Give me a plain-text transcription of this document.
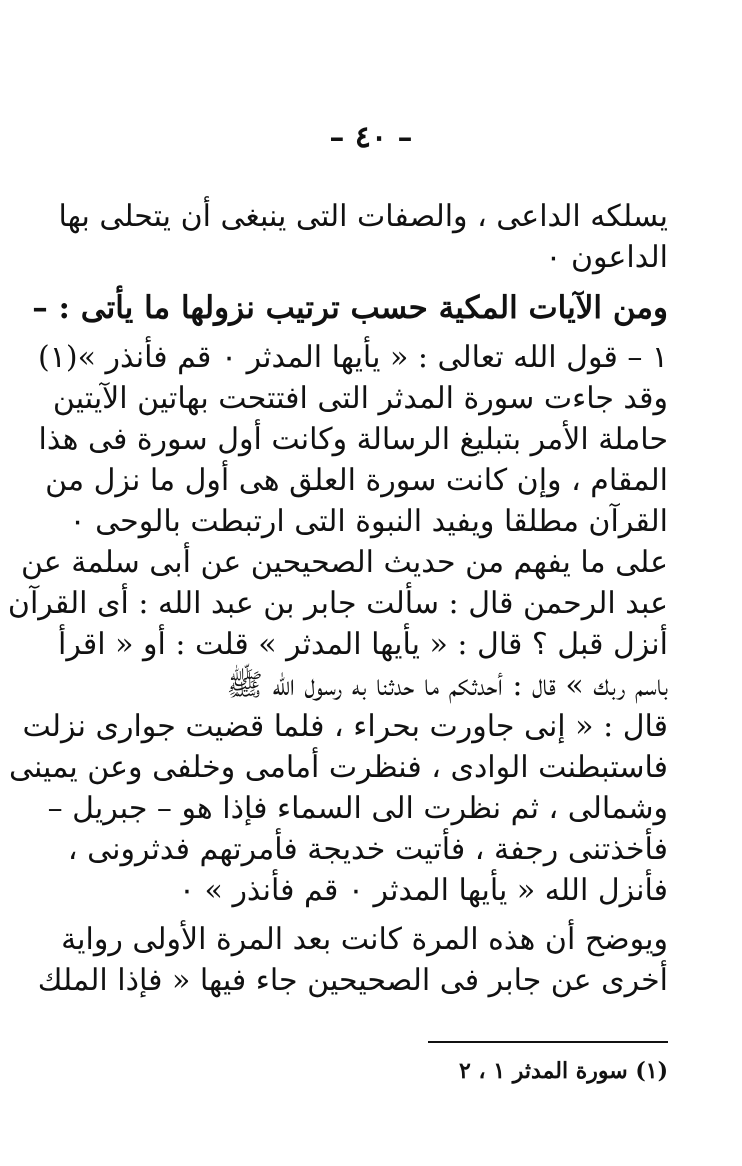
– ٤٠ –
يسلكه الداعى ، والصفات التى ينبغى أن يتحلى بها
الداعون ٠
ومن الآيات المكية حسب ترتيب نزولها ما يأتى : –
١ – قول الله تعالى : « يأيها المدثر ٠ قم فأنذر »(١)
وقد جاءت سورة المدثر التى افتتحت بهاتين الآيتين
حاملة الأمر بتبليغ الرسالة وكانت أول سورة فى هذا
المقام ، وإن كانت سورة العلق هى أول ما نزل من
القرآن مطلقا ويفيد النبوة التى ارتبطت بالوحى ٠
على ما يفهم من حديث الصحيحين عن أبى سلمة عن
عبد الرحمن قال : سألت جابر بن عبد الله : أى القرآن
أنزل قبل ؟ قال : « يأيها المدثر » قلت : أو « اقرأ
باسم ربك » قال : أحدثكم ما حدثنا به رسول الله ﷺ
قال : « إنى جاورت بحراء ، فلما قضيت جوارى نزلت
فاستبطنت الوادى ، فنظرت أمامى وخلفى وعن يمينى
وشمالى ، ثم نظرت الى السماء فإذا هو – جبريل –
فأخذتنى رجفة ، فأتيت خديجة فأمرتهم فدثرونى ،
فأنزل الله « يأيها المدثر ٠ قم فأنذر » ٠
ويوضح أن هذه المرة كانت بعد المرة الأولى رواية
أخرى عن جابر فى الصحيحين جاء فيها « فإذا الملك
(١) سورة المدثر ١ ، ٢
